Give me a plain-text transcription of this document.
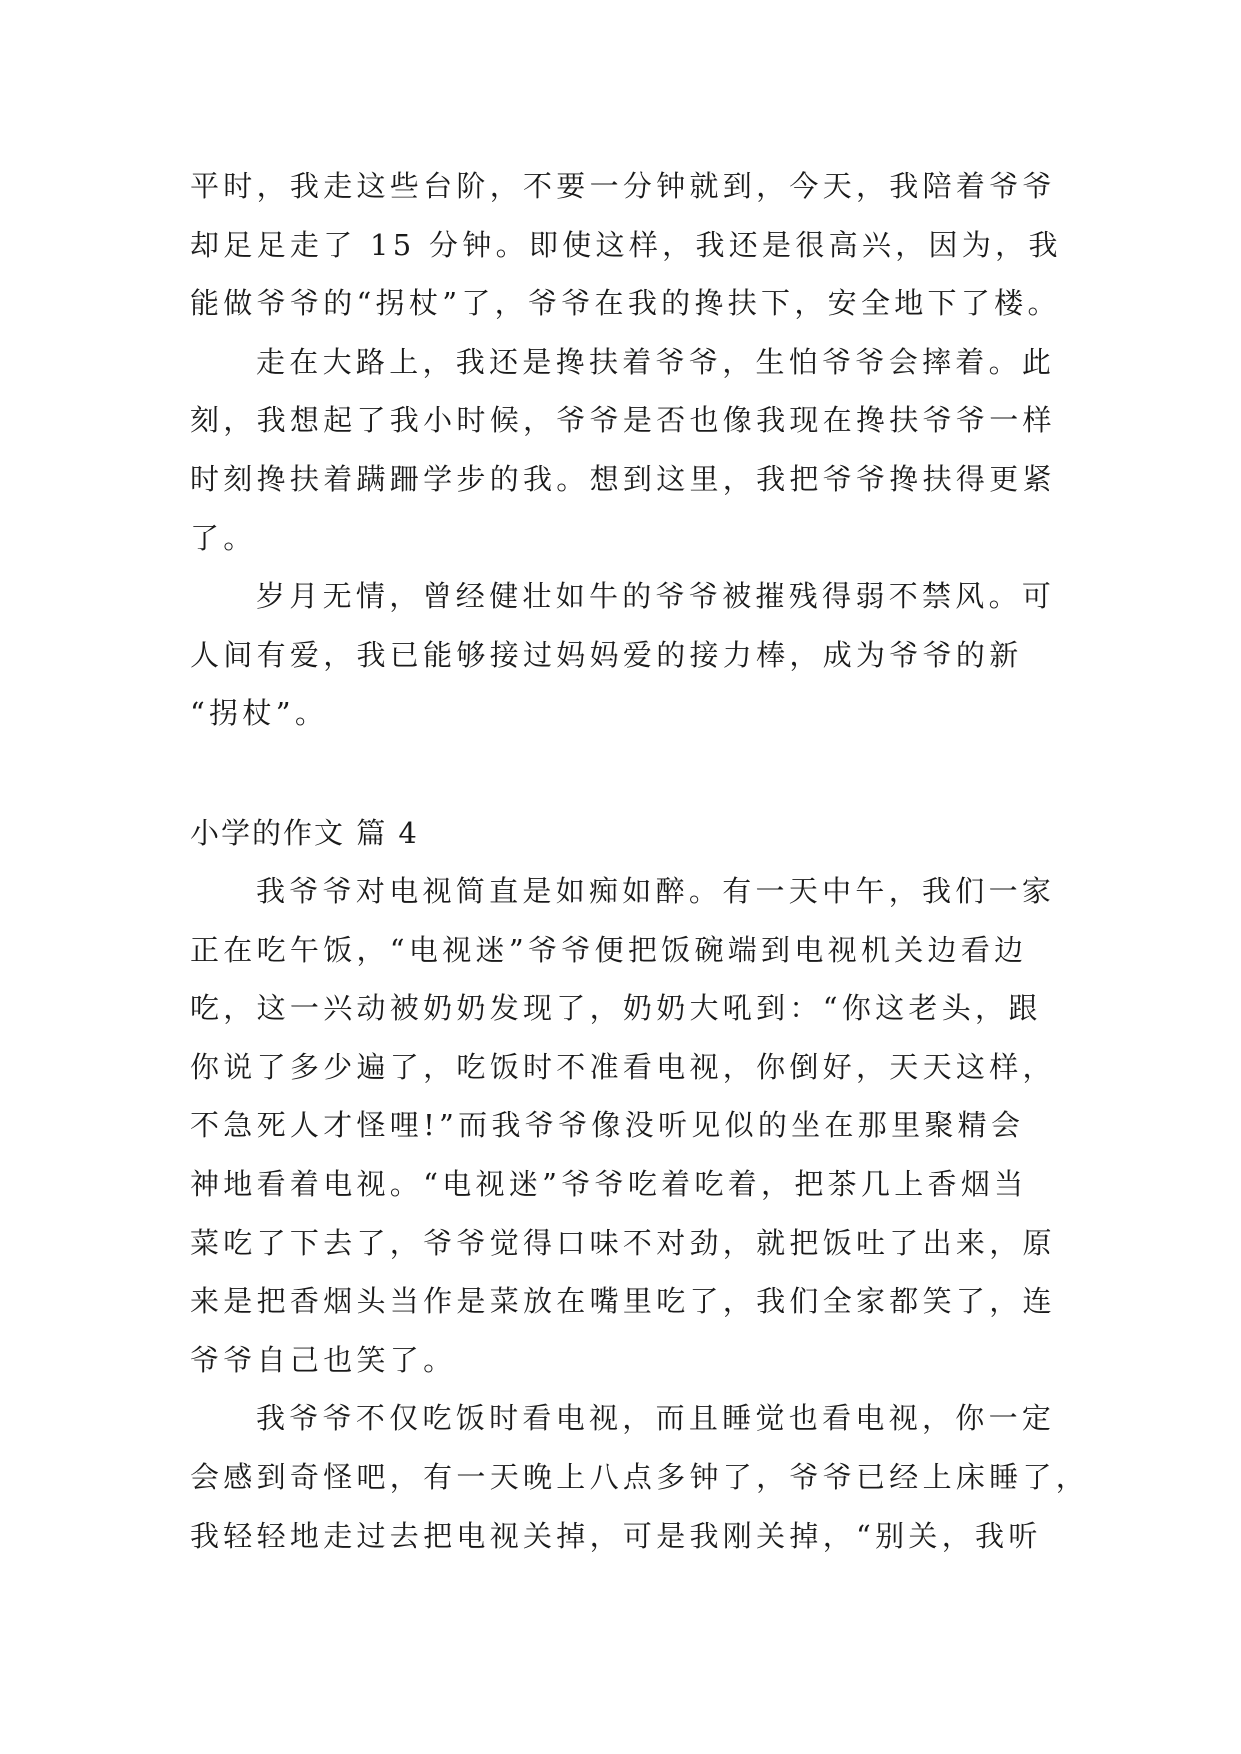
平时，我走这些台阶，不要一分钟就到，今天，我陪着爷爷
却足足走了 15 分钟。即使这样，我还是很高兴，因为，我
能做爷爷的“拐杖”了，爷爷在我的搀扶下，安全地下了楼。
走在大路上，我还是搀扶着爷爷，生怕爷爷会摔着。此
刻，我想起了我小时候，爷爷是否也像我现在搀扶爷爷一样
时刻搀扶着蹒跚学步的我。想到这里，我把爷爷搀扶得更紧
了。
岁月无情，曾经健壮如牛的爷爷被摧残得弱不禁风。可
人间有爱，我已能够接过妈妈爱的接力棒，成为爷爷的新
“拐杖”。
小学的作文 篇 4
我爷爷对电视简直是如痴如醉。有一天中午，我们一家
正在吃午饭，“电视迷”爷爷便把饭碗端到电视机关边看边
吃，这一兴动被奶奶发现了，奶奶大吼到：“你这老头，跟
你说了多少遍了，吃饭时不准看电视，你倒好，天天这样，
不急死人才怪哩!”而我爷爷像没听见似的坐在那里聚精会
神地看着电视。“电视迷”爷爷吃着吃着，把茶几上香烟当
菜吃了下去了，爷爷觉得口味不对劲，就把饭吐了出来，原
来是把香烟头当作是菜放在嘴里吃了，我们全家都笑了，连
爷爷自己也笑了。
我爷爷不仅吃饭时看电视，而且睡觉也看电视，你一定
会感到奇怪吧，有一天晚上八点多钟了，爷爷已经上床睡了，
我轻轻地走过去把电视关掉，可是我刚关掉，“别关，我听
